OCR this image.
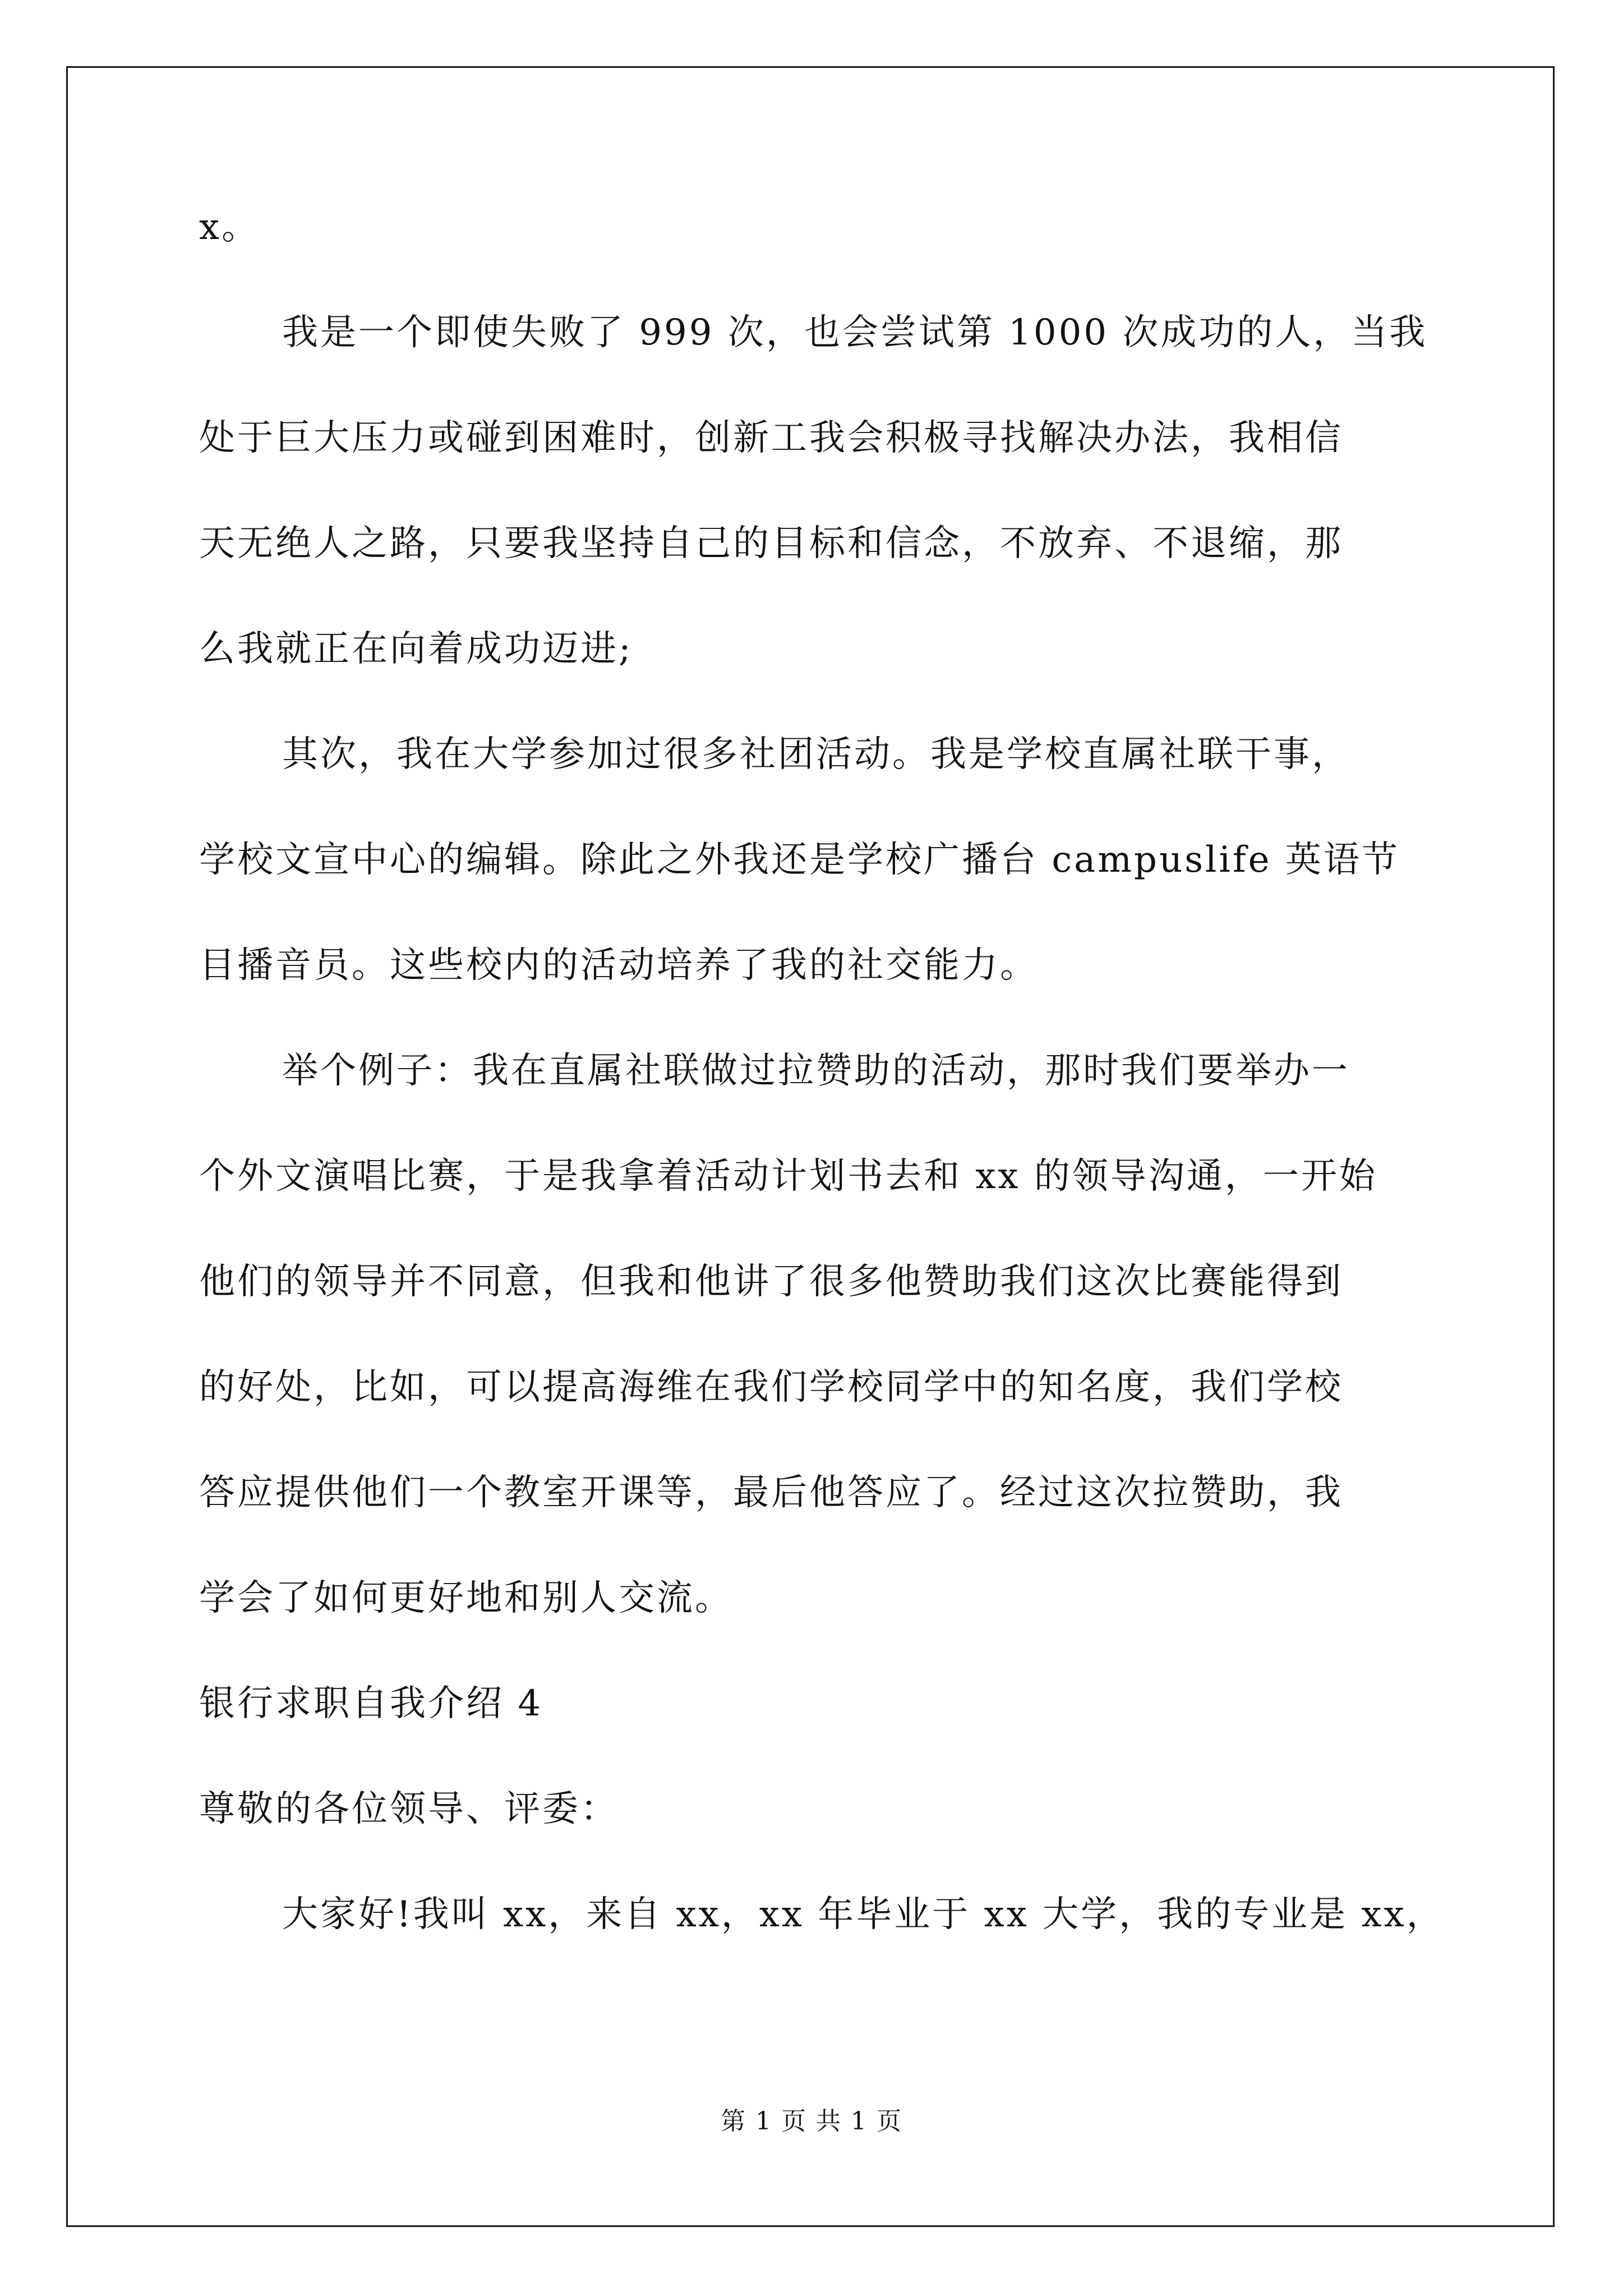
x。
我是一个即使失败了 999 次，也会尝试第 1000 次成功的人，当我
处于巨大压力或碰到困难时，创新工我会积极寻找解决办法，我相信
天无绝人之路，只要我坚持自己的目标和信念，不放弃、不退缩，那
么我就正在向着成功迈进;
其次，我在大学参加过很多社团活动。我是学校直属社联干事，
学校文宣中心的编辑。除此之外我还是学校广播台 campuslife 英语节
目播音员。这些校内的活动培养了我的社交能力。
举个例子：我在直属社联做过拉赞助的活动，那时我们要举办一
个外文演唱比赛，于是我拿着活动计划书去和 xx 的领导沟通，一开始
他们的领导并不同意，但我和他讲了很多他赞助我们这次比赛能得到
的好处，比如，可以提高海维在我们学校同学中的知名度，我们学校
答应提供他们一个教室开课等，最后他答应了。经过这次拉赞助，我
学会了如何更好地和别人交流。
银行求职自我介绍 4
尊敬的各位领导、评委：
大家好!我叫 xx，来自 xx，xx 年毕业于 xx 大学，我的专业是 xx，
第 1 页 共 1 页
